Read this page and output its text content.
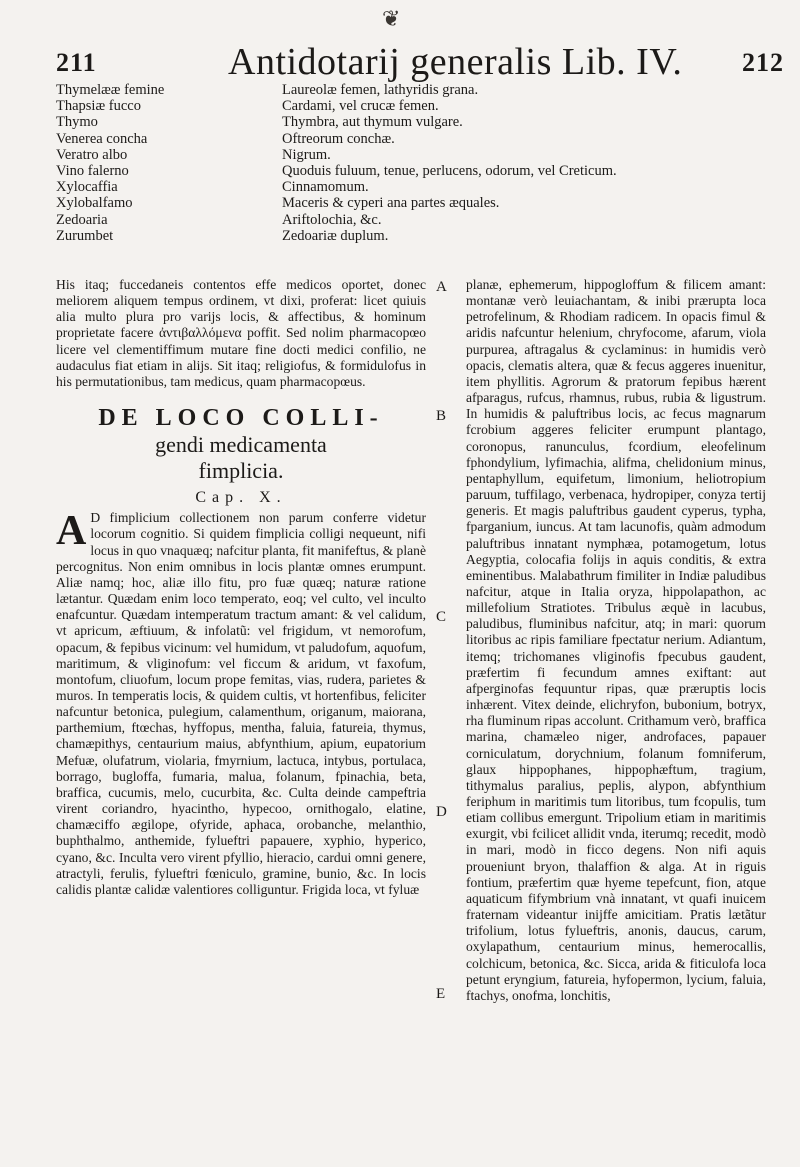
❦
211	Antidotarij generalis Lib. IV. 212
Thymelææ femine	Laureolæ femen, lathyridis grana.
Thapsiæ fucco	Cardami, vel crucæ femen.
Thymo	Thymbra, aut thymum vulgare.
Venerea concha	Oftreorum conchæ.
Veratro albo	Nigrum.
Vino falerno	Quoduis fuluum, tenue, perlucens, odorum, vel Creticum.
Xylocaffia	Cinnamomum.
Xylobalfamo	Maceris & cyperi ana partes æquales.
Zedoaria	Ariftolochia, &c.
Zurumbet	Zedoariæ duplum.

His itaq; fuccedaneis contentos effe medicos oportet, donec meliorem aliquem tempus ordinem, vt dixi, proferat: licet quiuis alia multo plura pro varijs locis, & affectibus, & hominum proprietate facere ἀντιβαλλόμενα poffit. Sed nolim pharmacopœo licere vel clementiffimum mutare fine docti medici confilio, ne audaculus fiat etiam in alijs. Sit itaq; religiofus, & formidulofus in his permutationibus, tam medicus, quam pharmacopœus.

DE LOCO COLLI-
gendi medicamenta
fimplicia.
Cap. X.

A D fimplicium collectionem non parum conferre videtur locorum cognitio. Si quidem fimplicia colligi nequeunt, nifi locus in quo vnaquæq; nafcitur planta, fit manifeftus, & planè percognitus. Non enim omnibus in locis plantæ omnes erumpunt. Aliæ namq; hoc, aliæ illo fitu, pro fuæ quæq; naturæ ratione lætantur. Quædam enim loco temperato, eoq; vel culto, vel inculto enafcuntur. Quædam intemperatum tractum amant: & vel calidum, vt apricum, æftiuum, & infolatũ: vel frigidum, vt nemorofum, opacum, & fepibus vicinum: vel humidum, vt paludofum, aquofum, maritimum, & vliginofum: vel ficcum & aridum, vt faxofum, montofum, cliuofum, locum prope femitas, vias, rudera, parietes & muros. In temperatis locis, & quidem cultis, vt hortenfibus, feliciter nafcuntur betonica, pulegium, calamenthum, origanum, maiorana, parthemium, ftœchas, hyffopus, mentha, faluia, fatureia, thymus, chamæpithys, centaurium maius, abfynthium, apium, eupatorium Mefuæ, olufatrum, violaria, fmyrnium, lactuca, intybus, portulaca, borrago, bugloffa, fumaria, malua, folanum, fpinachia, beta, braffica, cucumis, melo, cucurbita, &c. Culta deinde campeftria virent coriandro, hyacintho, hypecoo, ornithogalo, elatine, chamæciffo ægilope, ofyride, aphaca, orobanche, melanthio, buphthalmo, anthemide, fylueftri papauere, xyphio, hyperico, cyano, &c. Inculta vero virent pfyllio, hieracio, cardui omni genere, atractyli, ferulis, fylueftri fœniculo, gramine, bunio, &c. In locis calidis plantæ calidæ valentiores colliguntur. Frigida loca, vt fyluæ

planæ, ephemerum, hippogloffum & filicem amant: montanæ verò leuiachantam, & inibi prærupta loca petrofelinum, & Rhodiam radicem. In opacis fimul & aridis nafcuntur helenium, chryfocome, afarum, viola purpurea, aftragalus & cyclaminus: in humidis verò opacis, clematis altera, quæ & fecus aggeres inuenitur, item phyllitis. Agrorum & pratorum fepibus hærent afparagus, rufcus, rhamnus, rubus, rubia & ligustrum. In humidis & paluftribus locis, ac fecus magnarum fcrobium aggeres feliciter erumpunt plantago, coronopus, ranunculus, fcordium, eleofelinum fphondylium, lyfimachia, alifma, chelidonium minus, pentaphyllum, equifetum, limonium, heliotropium paruum, tuffilago, verbenaca, hydropiper, conyza tertij generis. Et magis paluftribus gaudent cyperus, typha, fparganium, iuncus. At tam lacunofis, quàm admodum paluftribus innatant nymphæa, potamogetum, lotus Aegyptia, colocafia folijs in aquis conditis, & extra eminentibus. Malabathrum fimiliter in Indiæ paludibus nafcitur, atque in Italia oryza, hippolapathon, ac millefolium Stratiotes. Tribulus æquè in lacubus, paludibus, fluminibus nafcitur, atq; in mari: quorum litoribus ac ripis familiare fpectatur nerium. Adiantum, itemq; trichomanes vliginofis fpecubus gaudent, præfertim fi fecundum amnes exiftant: aut afperginofas fequuntur ripas, quæ præruptis locis inhærent. Vitex deinde, elichryfon, bubonium, botryx, rha fluminum ripas accolunt. Crithamum verò, braffica marina, chamæleo niger, androfaces, papauer corniculatum, dorychnium, folanum fomniferum, glaux hippophanes, hippophæftum, tragium, tithymalus paralius, peplis, alypon, abfynthium feriphum in maritimis tum litoribus, tum fcopulis, tum etiam collibus emergunt. Tripolium etiam in maritimis exurgit, vbi fcilicet allidit vnda, iterumq; recedit, modò in mari, modò in ficco degens. Non nifi aquis proueniunt bryon, thalaffion & alga. At in riguis fontium, præfertim quæ hyeme tepefcunt, fion, atque aquaticum fifymbrium vnà innatant, vt quafi inuicem fraternam videantur inijffe amicitiam. Pratis lætãtur trifolium, lotus fylueftris, anonis, daucus, carum, oxylapathum, centaurium minus, hemerocallis, colchicum, betonica, &c. Sicca, arida & fiticulofa loca petunt eryngium, fatureia, hyfopermon, lycium, faluia, ftachys, onofma, lonchitis,

A
B
C
D
E
